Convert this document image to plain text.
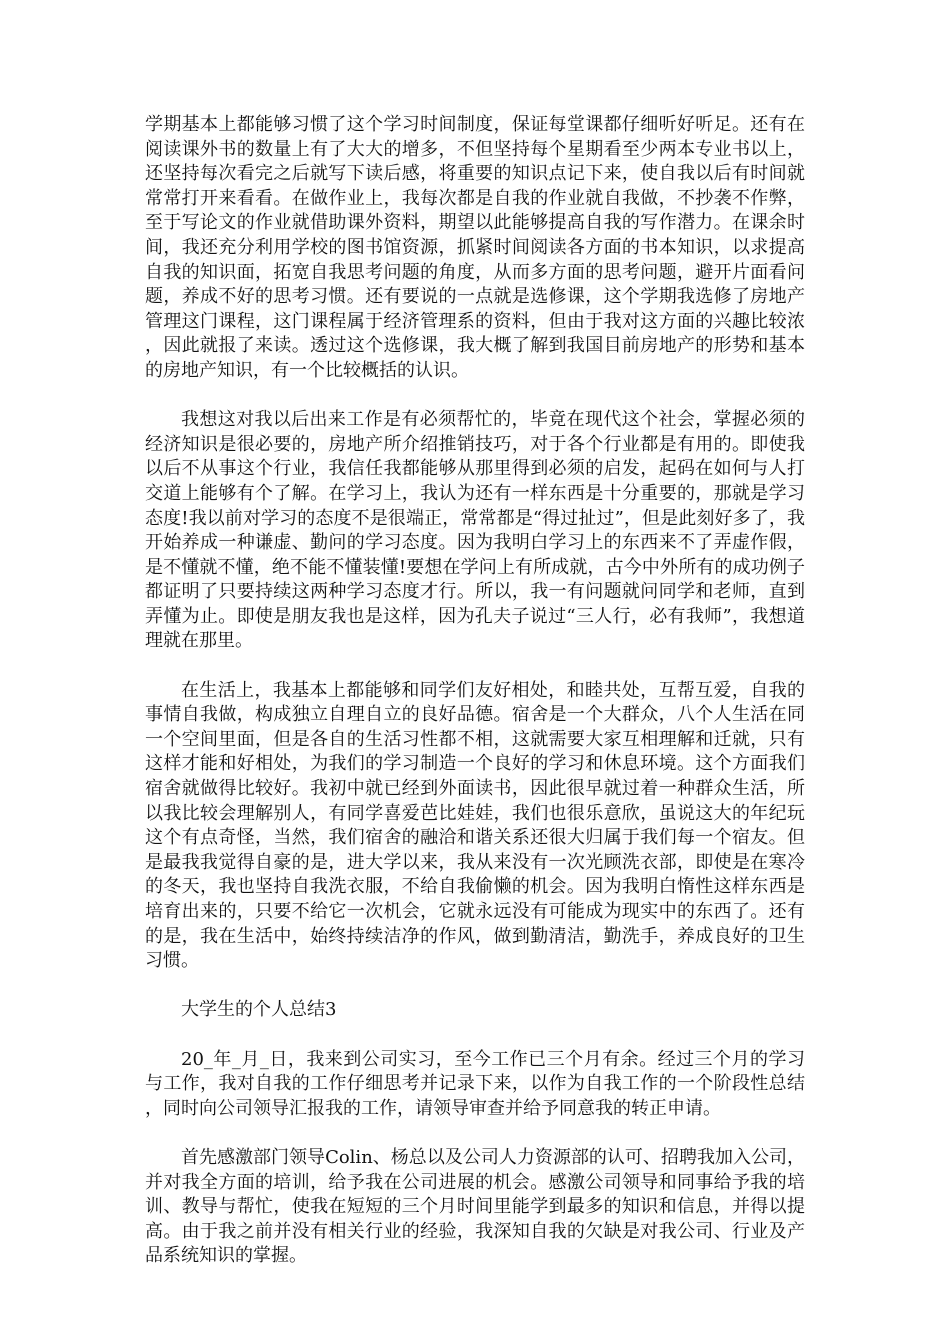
学期基本上都能够习惯了这个学习时间制度，保证每堂课都仔细听好听足。还有在阅读课外书的数量上有了大大的增多，不但坚持每个星期看至少两本专业书以上，还坚持每次看完之后就写下读后感，将重要的知识点记下来，使自我以后有时间就常常打开来看看。在做作业上，我每次都是自我的作业就自我做，不抄袭不作弊，至于写论文的作业就借助课外资料，期望以此能够提高自我的写作潜力。在课余时间，我还充分利用学校的图书馆资源，抓紧时间阅读各方面的书本知识，以求提高自我的知识面，拓宽自我思考问题的角度，从而多方面的思考问题，避开片面看问题，养成不好的思考习惯。还有要说的一点就是选修课，这个学期我选修了房地产管理这门课程，这门课程属于经济管理系的资料，但由于我对这方面的兴趣比较浓，因此就报了来读。透过这个选修课，我大概了解到我国目前房地产的形势和基本的房地产知识，有一个比较概括的认识。

我想这对我以后出来工作是有必须帮忙的，毕竟在现代这个社会，掌握必须的经济知识是很必要的，房地产所介绍推销技巧，对于各个行业都是有用的。即使我以后不从事这个行业，我信任我都能够从那里得到必须的启发，起码在如何与人打交道上能够有个了解。在学习上，我认为还有一样东西是十分重要的，那就是学习态度!我以前对学习的态度不是很端正，常常都是“得过扯过”，但是此刻好多了，我开始养成一种谦虚、勤问的学习态度。因为我明白学习上的东西来不了弄虚作假，是不懂就不懂，绝不能不懂装懂!要想在学问上有所成就，古今中外所有的成功例子都证明了只要持续这两种学习态度才行。所以，我一有问题就问同学和老师，直到弄懂为止。即使是朋友我也是这样，因为孔夫子说过“三人行，必有我师”，我想道理就在那里。

在生活上，我基本上都能够和同学们友好相处，和睦共处，互帮互爱，自我的事情自我做，构成独立自理自立的良好品德。宿舍是一个大群众，八个人生活在同一个空间里面，但是各自的生活习性都不相，这就需要大家互相理解和迁就，只有这样才能和好相处，为我们的学习制造一个良好的学习和休息环境。这个方面我们宿舍就做得比较好。我初中就已经到外面读书，因此很早就过着一种群众生活，所以我比较会理解别人，有同学喜爱芭比娃娃，我们也很乐意欣，虽说这大的年纪玩这个有点奇怪，当然，我们宿舍的融洽和谐关系还很大归属于我们每一个宿友。但是最我我觉得自豪的是，进大学以来，我从来没有一次光顾洗衣部，即使是在寒冷的冬天，我也坚持自我洗衣服，不给自我偷懒的机会。因为我明白惰性这样东西是培育出来的，只要不给它一次机会，它就永远没有可能成为现实中的东西了。还有的是，我在生活中，始终持续洁净的作风，做到勤清洁，勤洗手，养成良好的卫生习惯。

大学生的个人总结3

20_年_月_日，我来到公司实习，至今工作已三个月有余。经过三个月的学习与工作，我对自我的工作仔细思考并记录下来，以作为自我工作的一个阶段性总结，同时向公司领导汇报我的工作，请领导审查并给予同意我的转正申请。

首先感激部门领导Colin、杨总以及公司人力资源部的认可、招聘我加入公司，并对我全方面的培训，给予我在公司进展的机会。感激公司领导和同事给予我的培训、教导与帮忙，使我在短短的三个月时间里能学到最多的知识和信息，并得以提高。由于我之前并没有相关行业的经验，我深知自我的欠缺是对我公司、行业及产品系统知识的掌握。
